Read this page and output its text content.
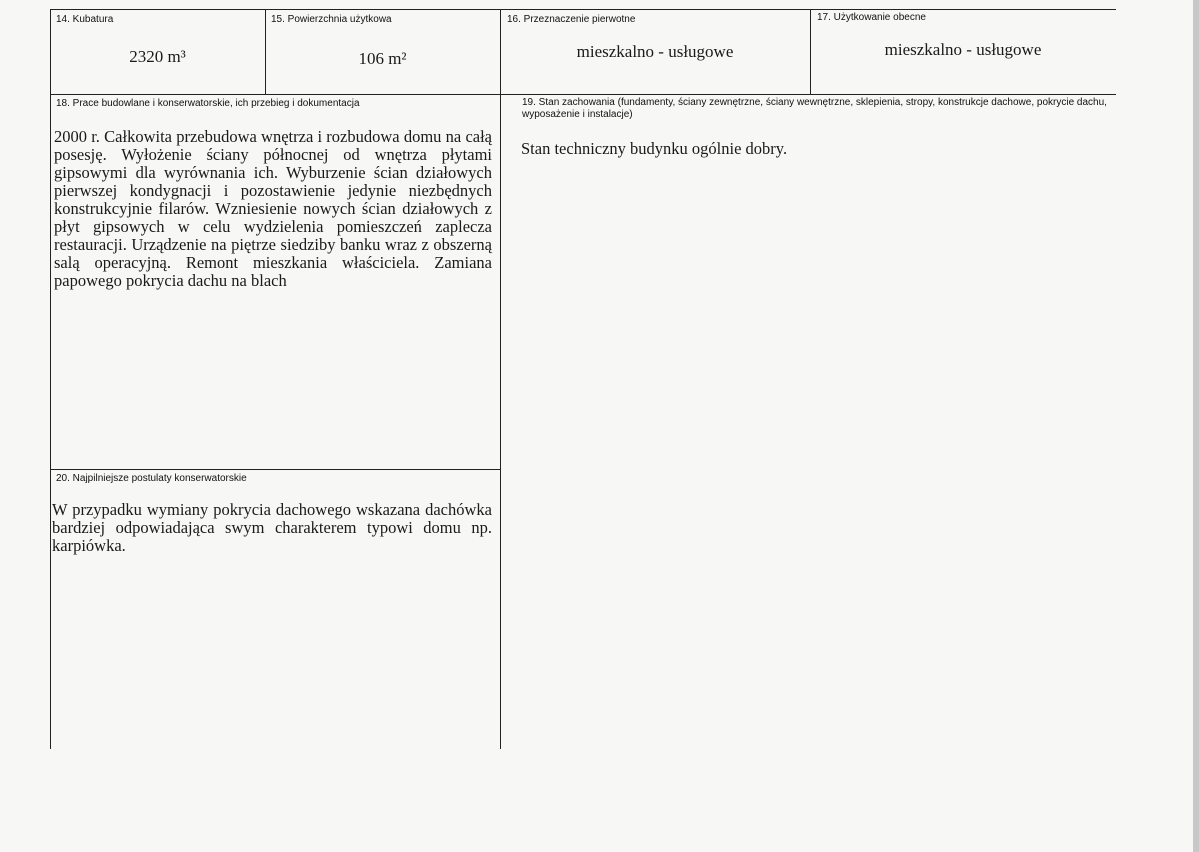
14. Kubatura
2320 m³
15. Powierzchnia użytkowa
106 m²
16. Przeznaczenie pierwotne
mieszkalno - usługowe
17. Użytkowanie obecne
mieszkalno - usługowe
18. Prace budowlane i konserwatorskie, ich przebieg i dokumentacja

2000 r. Całkowita przebudowa wnętrza i rozbudowa domu na całą posesję. Wyłożenie ściany północnej od wnętrza płytami gipsowymi dla wyrównania ich. Wyburzenie ścian działowych pierwszej kondygnacji i pozostawienie jedynie niezbędnych konstrukcyjnie filarów. Wzniesienie nowych ścian działowych z płyt gipsowych w celu wydzielenia pomieszczeń zaplecza restauracji. Urządzenie na piętrze siedziby banku wraz z obszerną salą operacyjną. Remont mieszkania właściciela. Zamiana papowego pokrycia dachu na blach

19. Stan zachowania (fundamenty, ściany zewnętrzne, ściany wewnętrzne, sklepienia, stropy, konstrukcje dachowe, pokrycie dachu, wyposażenie i instalacje)
Stan techniczny budynku ogólnie dobry.
20. Najpilniejsze postulaty konserwatorskie

W przypadku wymiany pokrycia dachowego wskazana dachówka bardziej odpowiadająca swym charakterem typowi domu np. karpiówka.
